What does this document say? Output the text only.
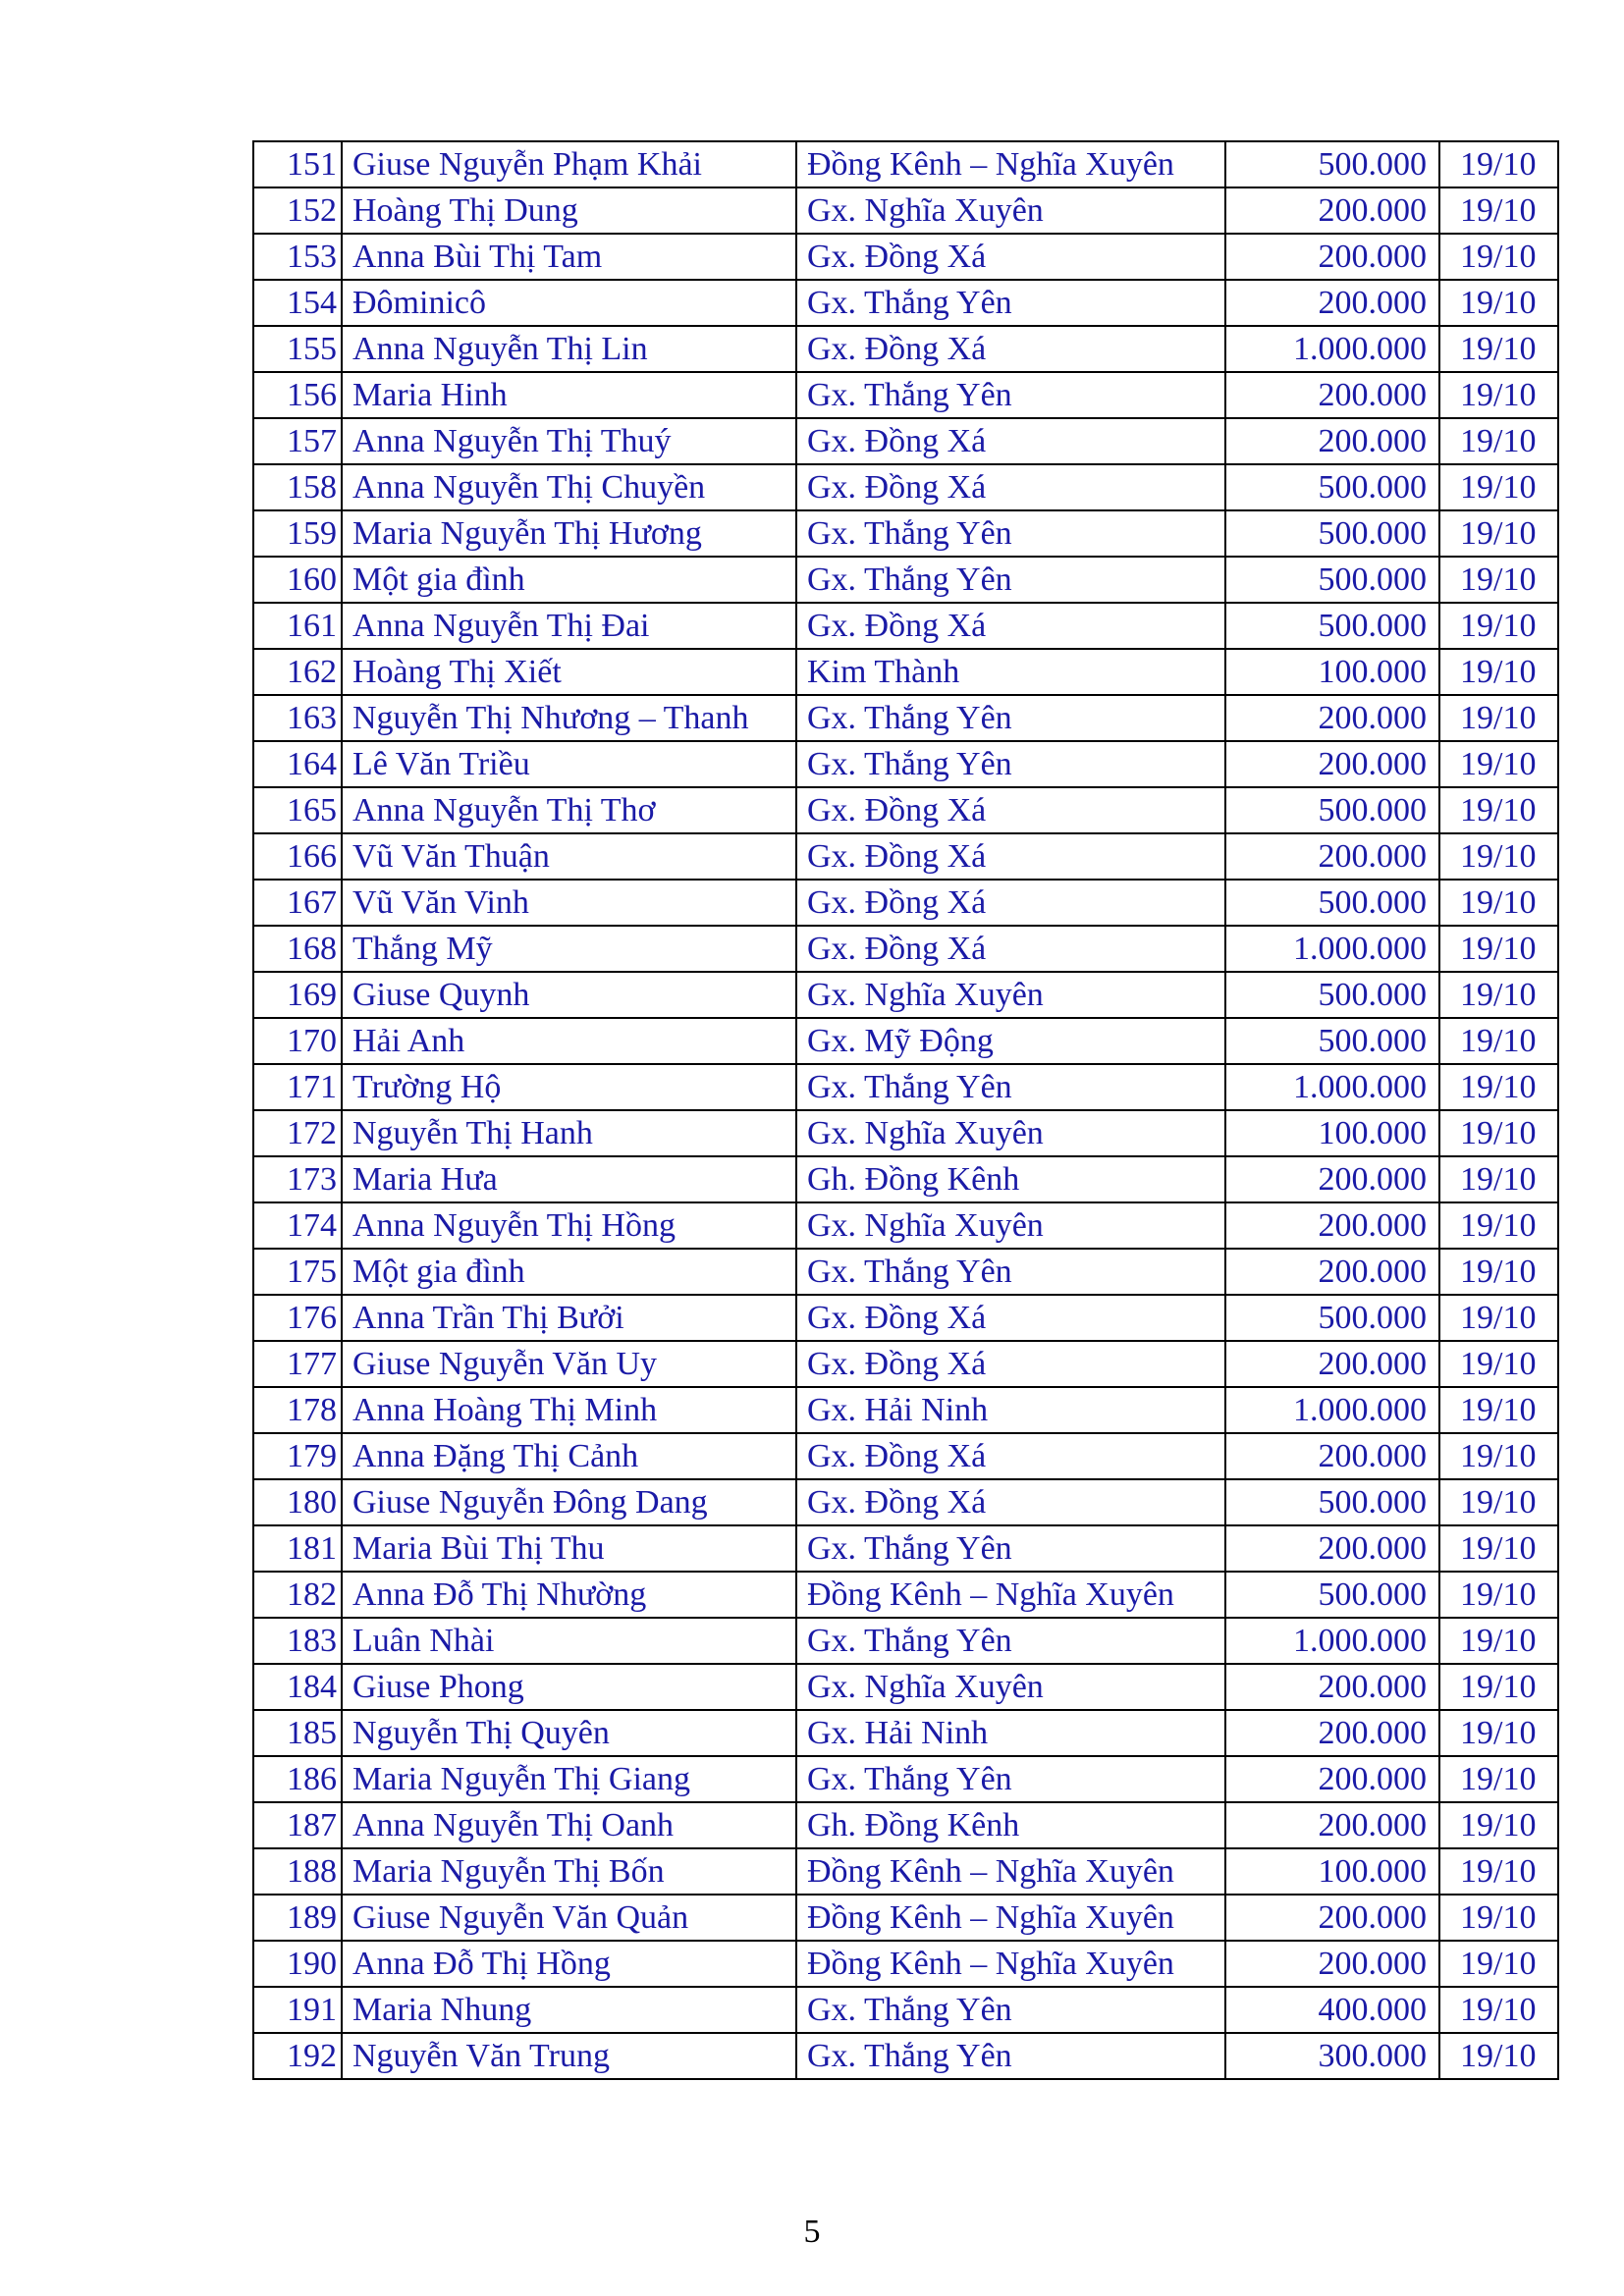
151	Giuse Nguyễn Phạm Khải	Đồng Kênh – Nghĩa Xuyên	500.000	19/10
152	Hoàng Thị Dung	Gx. Nghĩa Xuyên	200.000	19/10
153	Anna Bùi Thị Tam	Gx. Đồng Xá	200.000	19/10
154	Đôminicô	Gx. Thắng Yên	200.000	19/10
155	Anna Nguyễn Thị Lin	Gx. Đồng Xá	1.000.000	19/10
156	Maria Hinh	Gx. Thắng Yên	200.000	19/10
157	Anna Nguyễn Thị Thuý	Gx. Đồng Xá	200.000	19/10
158	Anna Nguyễn Thị Chuyền	Gx. Đồng Xá	500.000	19/10
159	Maria Nguyễn Thị Hương	Gx. Thắng Yên	500.000	19/10
160	Một gia đình	Gx. Thắng Yên	500.000	19/10
161	Anna Nguyễn Thị Đai	Gx. Đồng Xá	500.000	19/10
162	Hoàng Thị Xiết	Kim Thành	100.000	19/10
163	Nguyễn Thị Nhương – Thanh	Gx. Thắng Yên	200.000	19/10
164	Lê Văn Triều	Gx. Thắng Yên	200.000	19/10
165	Anna Nguyễn Thị Thơ	Gx. Đồng Xá	500.000	19/10
166	Vũ Văn Thuận	Gx. Đồng Xá	200.000	19/10
167	Vũ Văn Vinh	Gx. Đồng Xá	500.000	19/10
168	Thắng Mỹ	Gx. Đồng Xá	1.000.000	19/10
169	Giuse Quynh	Gx. Nghĩa Xuyên	500.000	19/10
170	Hải Anh	Gx. Mỹ Động	500.000	19/10
171	Trường Hộ	Gx. Thắng Yên	1.000.000	19/10
172	Nguyễn Thị Hanh	Gx. Nghĩa Xuyên	100.000	19/10
173	Maria Hưa	Gh. Đồng Kênh	200.000	19/10
174	Anna Nguyễn Thị Hồng	Gx. Nghĩa Xuyên	200.000	19/10
175	Một gia đình	Gx. Thắng Yên	200.000	19/10
176	Anna Trần Thị Bưởi	Gx. Đồng Xá	500.000	19/10
177	Giuse Nguyễn Văn Uy	Gx. Đồng Xá	200.000	19/10
178	Anna Hoàng Thị Minh	Gx. Hải Ninh	1.000.000	19/10
179	Anna Đặng Thị Cảnh	Gx. Đồng Xá	200.000	19/10
180	Giuse Nguyễn Đông Dang	Gx. Đồng Xá	500.000	19/10
181	Maria Bùi Thị Thu	Gx. Thắng Yên	200.000	19/10
182	Anna Đỗ Thị Nhường	Đồng Kênh – Nghĩa Xuyên	500.000	19/10
183	Luân Nhài	Gx. Thắng Yên	1.000.000	19/10
184	Giuse Phong	Gx. Nghĩa Xuyên	200.000	19/10
185	Nguyễn Thị Quyên	Gx. Hải Ninh	200.000	19/10
186	Maria Nguyễn Thị Giang	Gx. Thắng Yên	200.000	19/10
187	Anna Nguyễn Thị Oanh	Gh. Đồng Kênh	200.000	19/10
188	Maria Nguyễn Thị Bốn	Đồng Kênh – Nghĩa Xuyên	100.000	19/10
189	Giuse Nguyễn Văn Quản	Đồng Kênh – Nghĩa Xuyên	200.000	19/10
190	Anna Đỗ Thị Hồng	Đồng Kênh – Nghĩa Xuyên	200.000	19/10
191	Maria Nhung	Gx. Thắng Yên	400.000	19/10
192	Nguyễn Văn Trung	Gx. Thắng Yên	300.000	19/10
5
